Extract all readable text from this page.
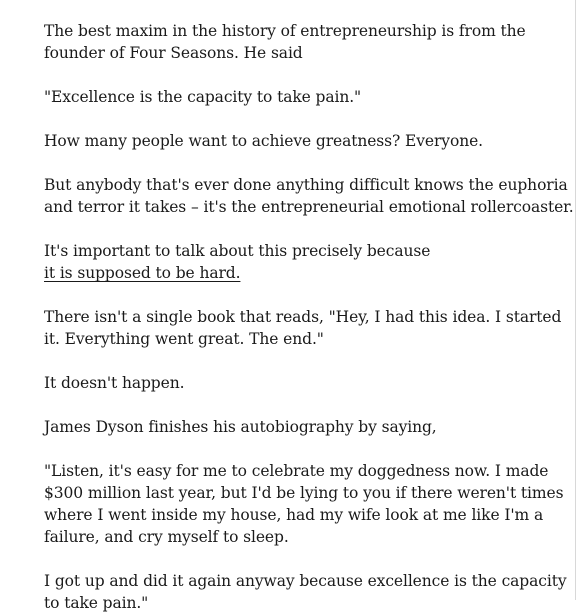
The best maxim in the history of entrepreneurship is from the
founder of Four Seasons. He said

"Excellence is the capacity to take pain."

How many people want to achieve greatness? Everyone.

But anybody that's ever done anything difficult knows the euphoria
and terror it takes – it's the entrepreneurial emotional rollercoaster.

It's important to talk about this precisely because
it is supposed to be hard.

There isn't a single book that reads, "Hey, I had this idea. I started
it. Everything went great. The end."

It doesn't happen.

James Dyson finishes his autobiography by saying,

"Listen, it's easy for me to celebrate my doggedness now. I made
$300 million last year, but I'd be lying to you if there weren't times
where I went inside my house, had my wife look at me like I'm a
failure, and cry myself to sleep.

I got up and did it again anyway because excellence is the capacity
to take pain."
